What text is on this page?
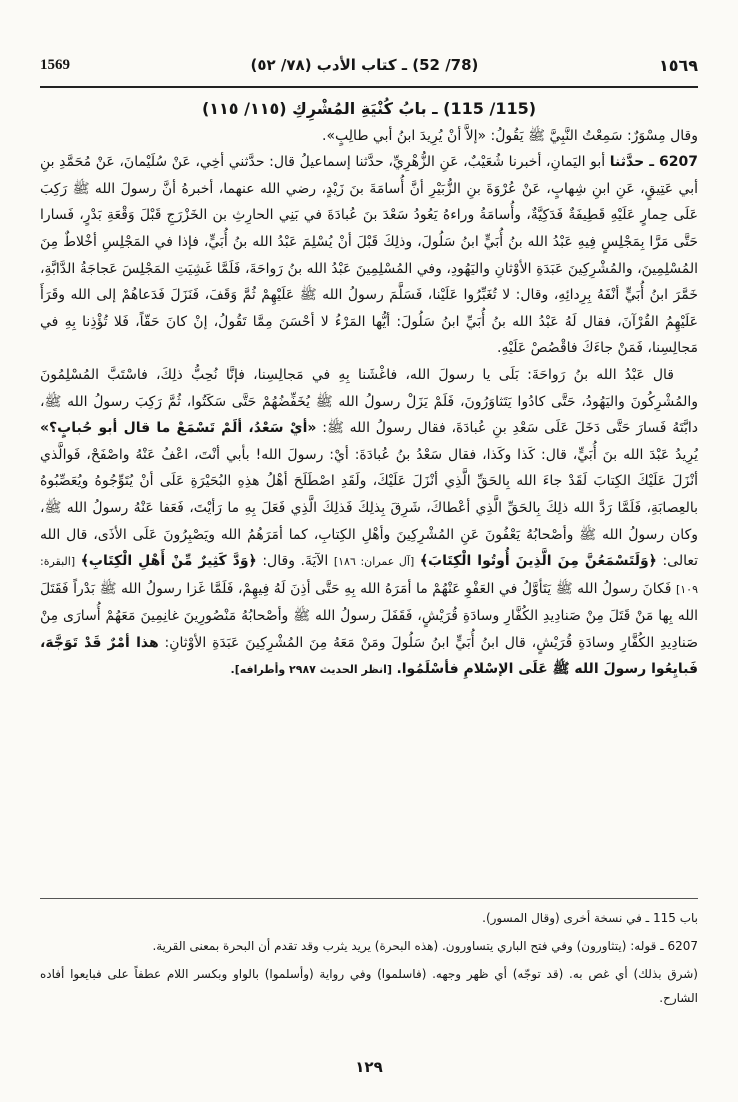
1569	(78/ 52) ـ كتاب الأدب (٧٨/ ٥٢)	١٥٦٩

(115/ 115) ـ بابُ كُنْيَةِ المُشْرِكِ (١١٥/ ١١٥)

وقال مِسْوَرٌ: سَمِعْتُ النَّبِيَّ ﷺ يَقُولُ: «إلاَّ أنْ يُرِيدَ ابنُ أبي طالِبٍ».

6207 ـ حدَّثنا أبو اليَمانِ، أخبرنا شُعَيْبٌ، عَنِ الزُّهْرِيِّ، حدَّثنا إسماعيلُ قال: حدَّثني أخِي، عَنْ سُلَيْمانَ، عَنْ مُحَمَّدِ بنِ أبي عَتِيقٍ، عَنِ ابنِ شِهابٍ، عَنْ عُرْوَةَ بنِ الزُّبَيْرِ أنَّ أُسامَةَ بنَ زَيْدٍ، رضي الله عنهما، أخبرهُ أنَّ رسولَ الله ﷺ رَكِبَ عَلَى حِمارٍ عَلَيْهِ قَطِيفَةٌ فَدَكِيَّةٌ، وأُسامَةُ وراءهُ يَعُودُ سَعْدَ بنَ عُبادَةَ في بَنِي الحارِثِ بن الخَزْرَجِ قَبْلَ وَقْعَةِ بَدْرٍ، فَسارا حَتَّى مَرَّا بِمَجْلِسٍ فِيهِ عَبْدُ الله بنُ أُبَيٍّ ابنُ سَلُولَ، وذلِكَ قَبْلَ أنْ يُسْلِمَ عَبْدُ الله بنُ أُبَيٍّ، فإذا في المَجْلِسِ أخْلاطٌ مِنَ المُسْلِمِينَ، والمُشْرِكِينَ عَبَدَةِ الأوْثانِ والیَهُودِ، وفي المُسْلِمِينَ عَبْدُ الله بنُ رَواحَةَ، فَلَمَّا غَشِيَتِ المَجْلِسَ عَجاجَةُ الدَّابَّةِ، خَمَّرَ ابنُ أُبَيٍّ أنْفَهُ بِرِدائِهِ، وقال: لا تُغَبِّرُوا عَلَيْنا، فَسَلَّمَ رسولُ الله ﷺ عَلَيْهِمْ ثُمَّ وَقَفَ، فَنَزَلَ فَدَعاهُمْ إلى الله وقَرَأَ عَلَيْهِمُ القُرْآنَ، فقال لَهُ عَبْدُ الله بنُ أُبَيِّ ابنُ سَلُولَ: أيُّها المَرْءُ لا أحْسَنَ مِمَّا تَقُولُ، إنْ كانَ حَقّاً، فَلا تُؤْذِنا بِهِ في مَجالِسِنا، فَمَنْ جاءَكَ فاقْصُصْ عَلَيْهِ.

قال عَبْدُ الله بنُ رَواحَةَ: بَلَى يا رسولَ الله، فاغْشَنا بِهِ في مَجالِسِنا، فإنَّا نُحِبُّ ذلِكَ، فاسْتَبَّ المُسْلِمُونَ والمُشْرِكُونَ والیَهُودُ، حَتَّى كادُوا يَتَثاوَرُونَ، فَلَمْ يَزَلْ رسولُ الله ﷺ يُخَفِّضُهُمْ حَتَّى سَكَتُوا، ثُمَّ رَكِبَ رسولُ الله ﷺ، دابَّتَهُ فَسارَ حَتَّى دَخَلَ عَلَى سَعْدِ بنِ عُبادَةَ، فقال رسولُ الله ﷺ: «أيْ سَعْدُ، ألَمْ تَسْمَعْ ما قال أبو حُبابٍ؟» يُرِيدُ عَبْدَ الله بنَ أُبَيٍّ، قال: كَذا وكَذا، فقال سَعْدُ بنُ عُبادَةَ: أيْ: رسولَ الله! بأبي أنْتَ، اعْفُ عَنْهُ واصْفَحْ، فَوالَّذي أنْزَلَ عَلَيْكَ الكِتابَ لَقَدْ جاءَ الله بِالحَقِّ الَّذِي أنْزَلَ عَلَيْكَ، ولَقَدِ اصْطَلَحَ أهْلُ هذِهِ البُحَيْرَةِ عَلَى أنْ يُتَوِّجُوهُ ويُعَصِّبُوهُ بالعِصابَةِ، فَلَمَّا رَدَّ الله ذلِكَ بِالحَقِّ الَّذِي أعْطاكَ، شَرِقَ بِذلِكَ فَذلِكَ الَّذِي فَعَلَ بِهِ ما رَأيْتَ، فَعَفا عَنْهُ رسولُ الله ﷺ، وكان رسولُ الله ﷺ وأصْحابُهُ يَعْفُونَ عَنِ المُشْرِكِينَ وأهْلِ الكِتابِ، كما أمَرَهُمُ الله ويَصْبِرُونَ عَلَى الأذَى، قال الله تعالى: ﴿وَلَتَسْمَعُنَّ مِنَ الَّذِينَ أُوتُوا الْكِتَابَ﴾ [آل عمران: ١٨٦] الآيَةَ. وقال: ﴿وَدَّ كَثِيرٌ مِّنْ أَهْلِ الْكِتَابِ﴾ [البقرة: ١٠٩] فَكانَ رسولُ الله ﷺ يَتَأوَّلُ في العَفْوِ عَنْهُمْ ما أمَرَهُ الله بِهِ حَتَّى أذِنَ لَهُ فِيهِمْ، فَلَمَّا غَزا رسولُ الله ﷺ بَدْراً فَقَتَلَ الله بِها مَنْ قَتَلَ مِنْ صَنادِيدِ الكُفَّارِ وسادَةِ قُرَيْشٍ، فَقَفَلَ رسولُ الله ﷺ وأصْحابُهُ مَنْصُورِينَ غانِمِينَ مَعَهُمْ أُسارَى مِنْ صَنادِيدِ الكُفَّارِ وسادَةِ قُرَيْشٍ، قال ابنُ أُبَيٍّ ابنُ سَلُولَ ومَنْ مَعَهُ مِنَ المُشْرِكِينَ عَبَدَةِ الأوْثانِ: هذا أمْرٌ قَدْ تَوَجَّهَ، فَبايِعُوا رسولَ الله ﷺ عَلَى الإسْلامِ فأسْلَمُوا. [انظر الحديث ٢٩٨٧ وأطرافه].

باب 115 ـ في نسخة أخرى (وقال المسور).

6207 ـ قوله: (يتثاورون) وفي فتح الباري يتساورون. (هذه البحرة) يريد يثرب وقد تقدم أن البحرة بمعنى القرية.

(شرق بذلك) أي غص به. (قد توجّه) أي ظهر وجهه. (فاسلموا) وفي رواية (وأسلموا) بالواو وبكسر اللام عطفاً على فبايعوا أفاده الشارح.

١٢٩
